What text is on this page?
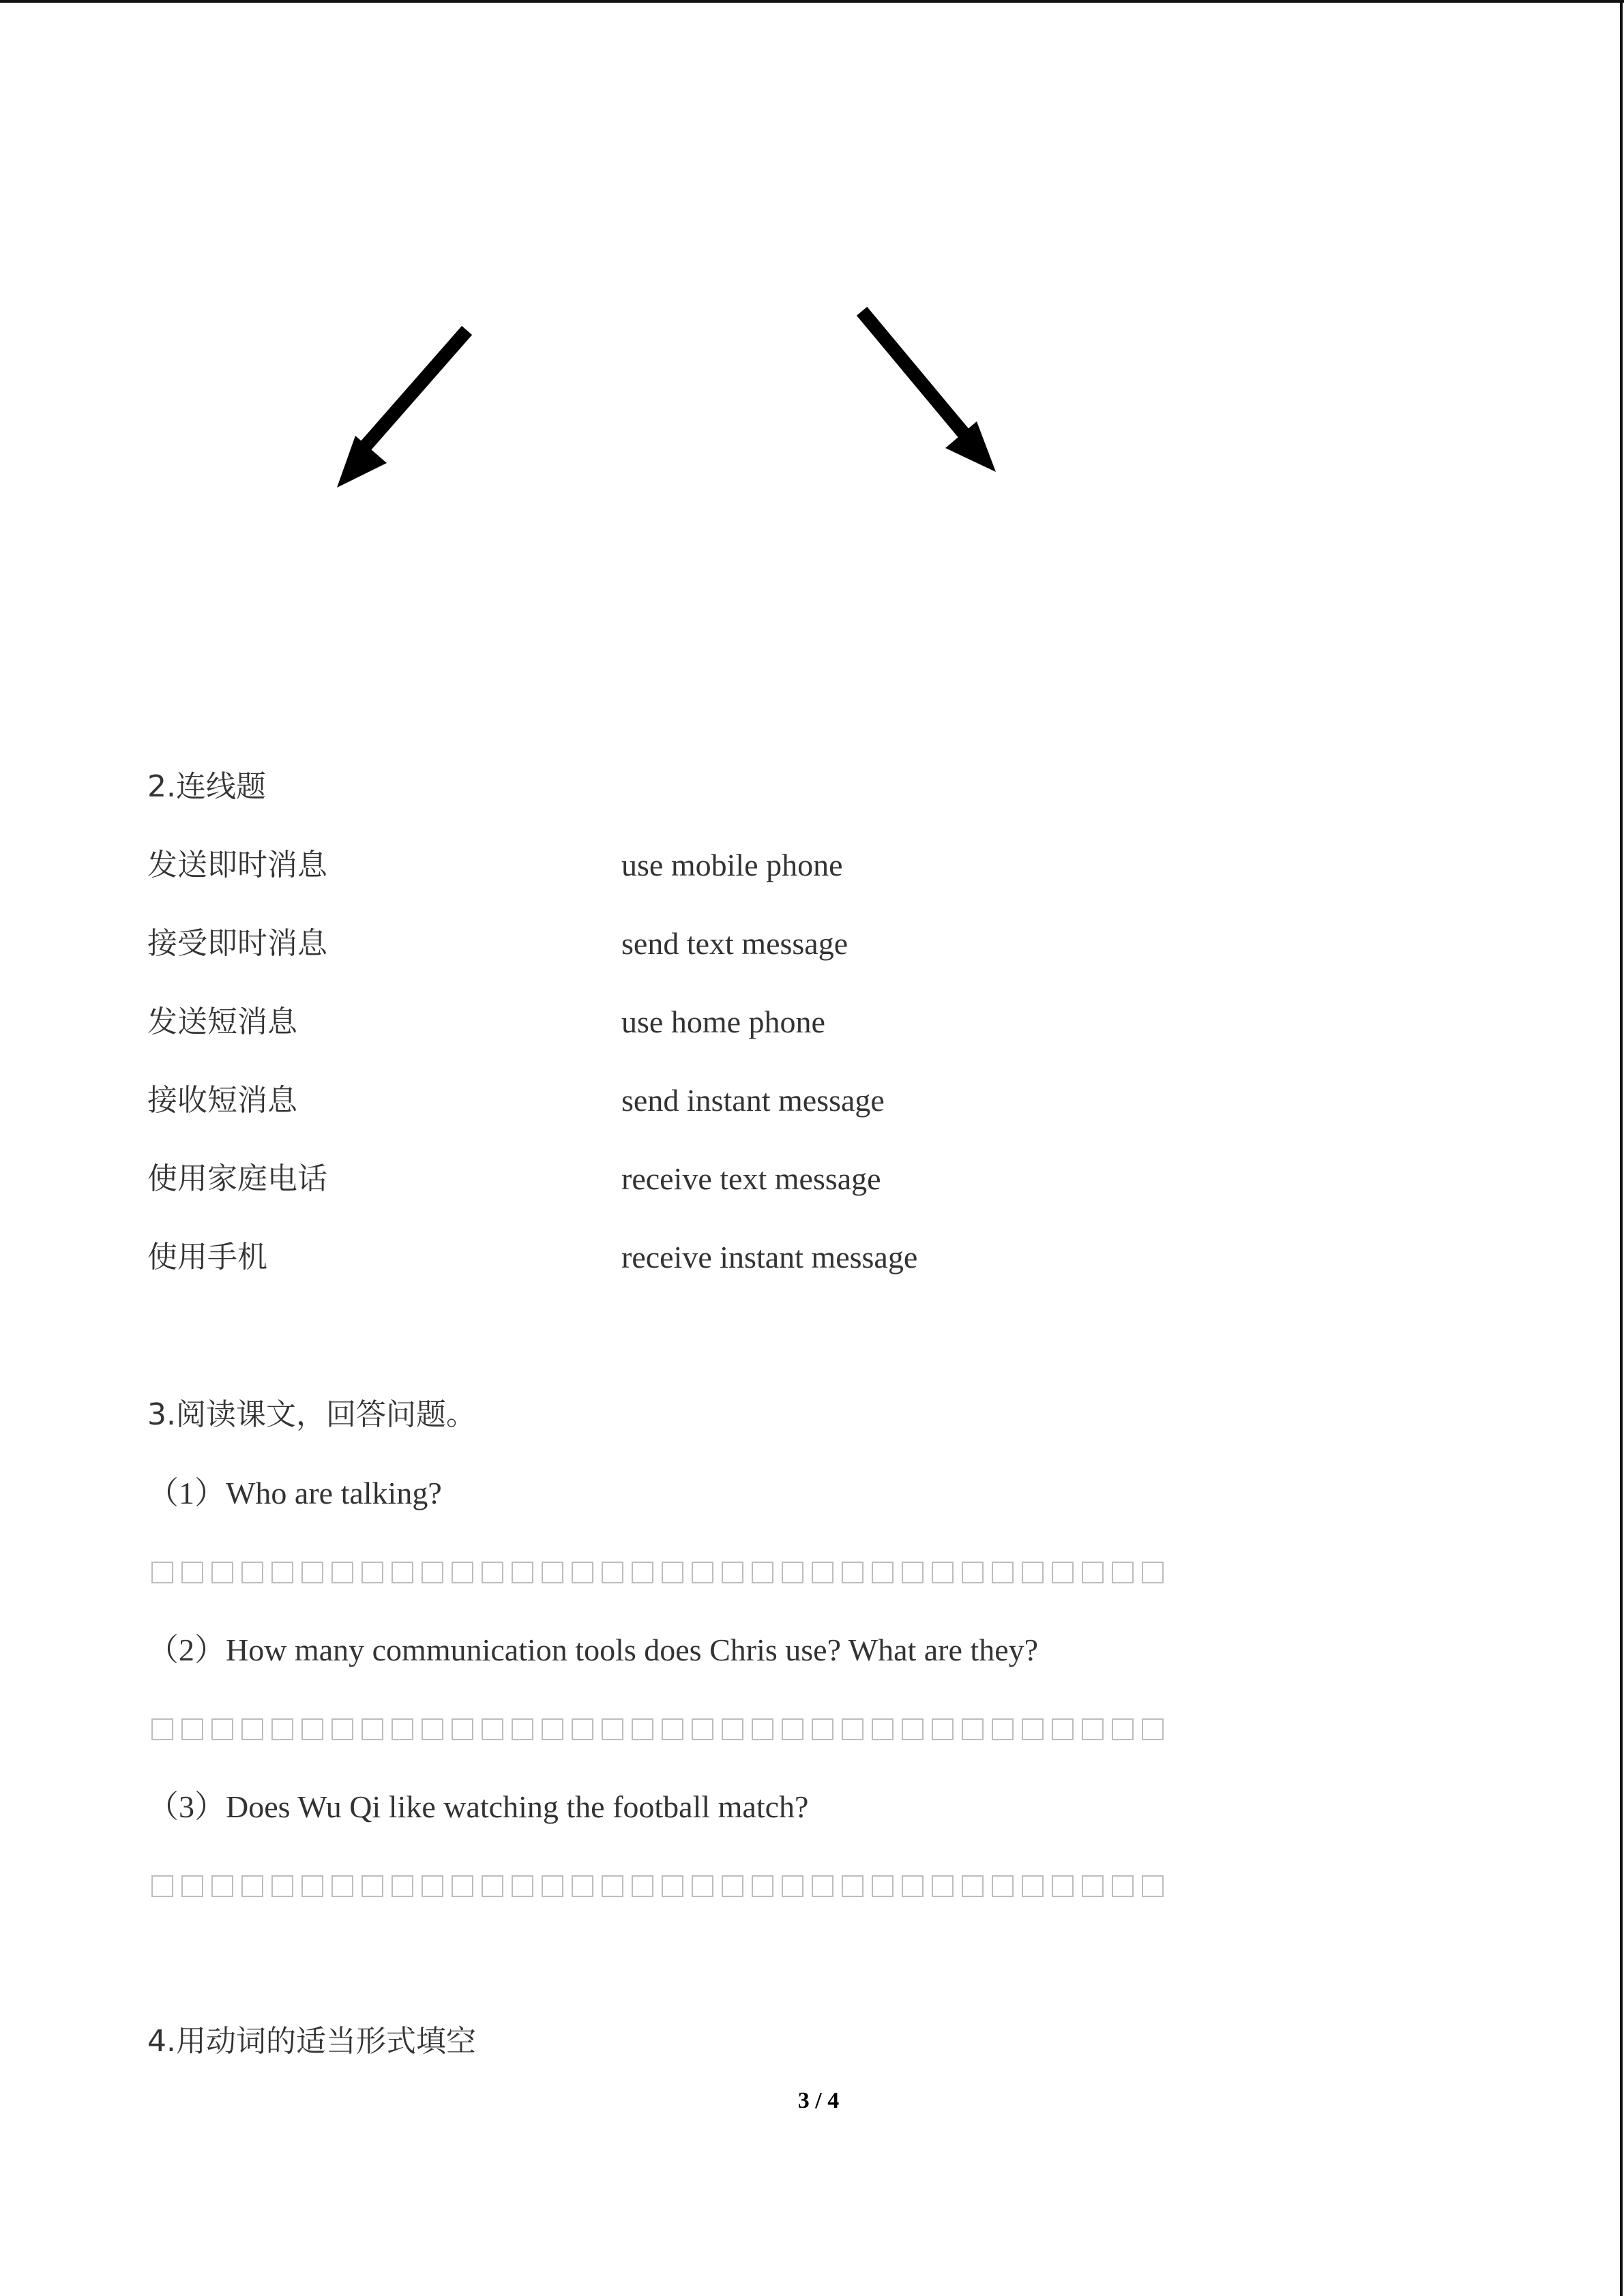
2.连线题
发送即时消息	use mobile phone
接受即时消息	send text message
发送短消息	use home phone
接收短消息	send instant message
使用家庭电话	receive text message
使用手机	receive instant message
3.阅读课文，回答问题。
（1）Who are talking?
（2）How many communication tools does Chris use? What are they?
（3）Does Wu Qi like watching the football match?
4.用动词的适当形式填空
3 / 4
